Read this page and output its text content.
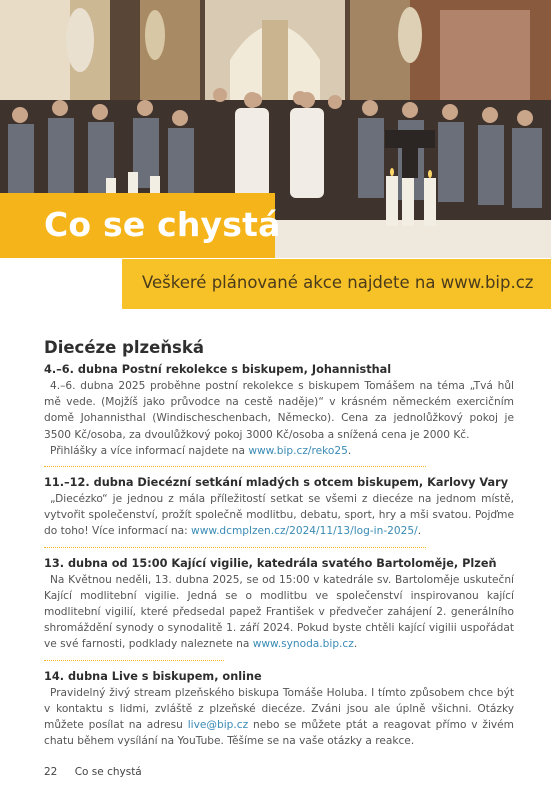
Co se chystá
Veškeré plánované akce najdete na www.bip.cz
Diecéze plzeňská
4.–6. dubna Postní rekolekce s biskupem, Johannisthal

4.–6. dubna 2025 proběhne postní rekolekce s biskupem Tomášem na téma „Tvá hůl mě vede. (Mojžíš jako průvodce na cestě naděje)“ v krásném německém exercičním domě Johannisthal (Windischeschenbach, Německo). Cena za jednolůžkový pokoj je 3500 Kč/osoba, za dvoulůžkový pokoj 3000 Kč/osoba a snížená cena je 2000 Kč.

Přihlášky a více informací najdete na www.bip.cz/reko25.

11.–12. dubna Diecézní setkání mladých s otcem biskupem, Karlovy Vary

„Diecézko“ je jednou z mála příležitostí setkat se všemi z diecéze na jednom místě, vytvořit společenství, prožít společně modlitbu, debatu, sport, hry a mši svatou. Pojďme do toho! Více informací na: www.dcmplzen.cz/2024/11/13/log-in-2025/.

13. dubna od 15:00 Kající vigilie, katedrála svatého Bartoloměje, Plzeň

Na Květnou neděli, 13. dubna 2025, se od 15:00 v katedrále sv. Bartoloměje uskuteční Kající modlitební vigilie. Jedná se o modlitbu ve společenství inspirovanou kající modlitební vigilií, které předsedal papež František v předvečer zahájení 2. generálního shromáždění synody o synodalitě 1. září 2024. Pokud byste chtěli kající vigilii uspořádat ve své farnosti, podklady naleznete na www.synoda.bip.cz.

14. dubna Live s biskupem, online

Pravidelný živý stream plzeňského biskupa Tomáše Holuba. I tímto způsobem chce být v kontaktu s lidmi, zvláště z plzeňské diecéze. Zváni jsou ale úplně všichni. Otázky můžete posílat na adresu live@bip.cz nebo se můžete ptát a reagovat přímo v živém chatu během vysílání na YouTube. Těšíme se na vaše otázky a reakce.

22 Co se chystá
